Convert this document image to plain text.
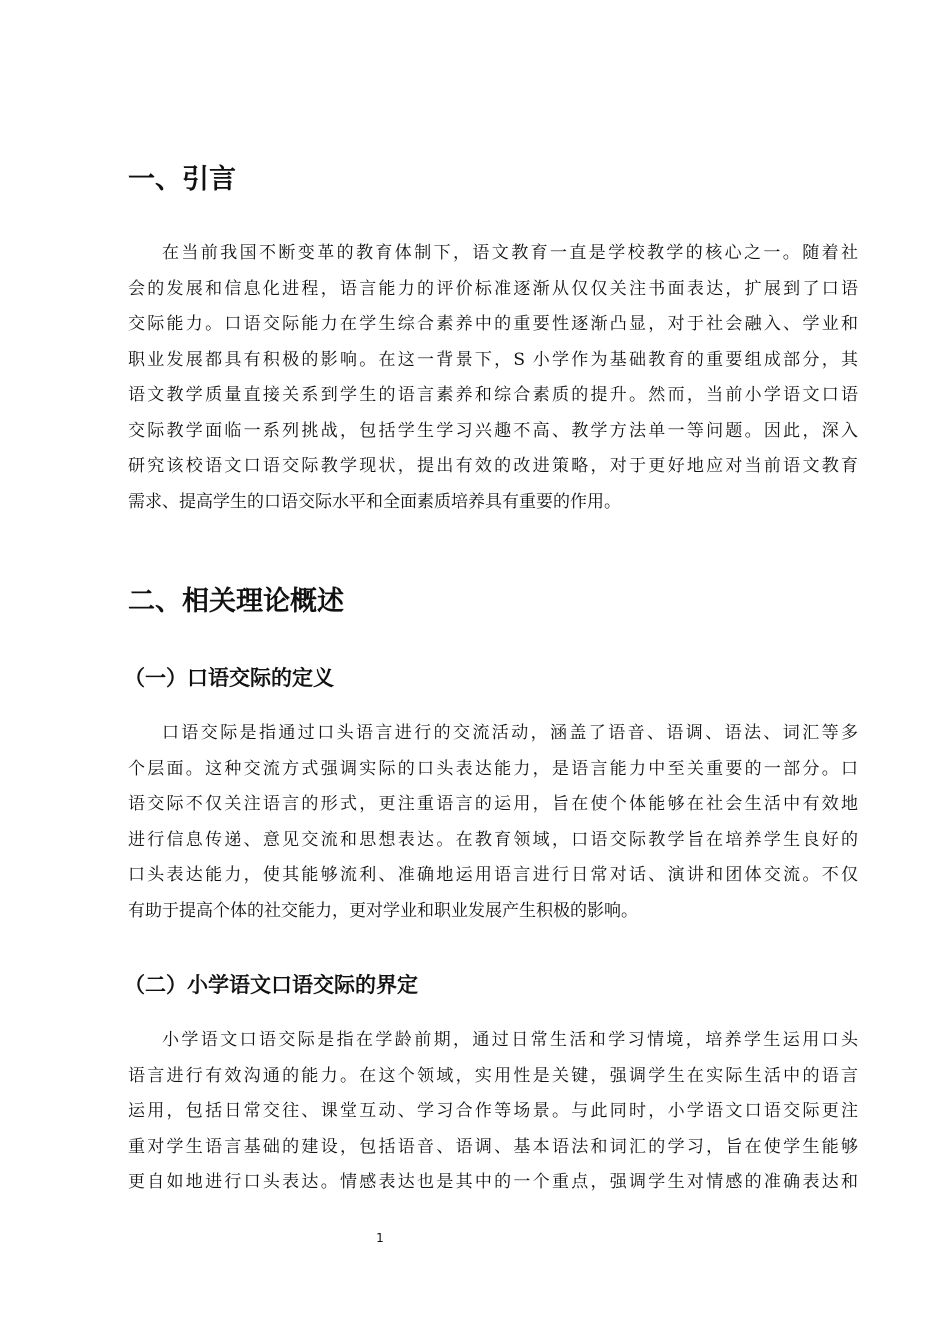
一、引言
在当前我国不断变革的教育体制下，语文教育一直是学校教学的核心之一。随着社
会的发展和信息化进程，语言能力的评价标准逐渐从仅仅关注书面表达，扩展到了口语
交际能力。口语交际能力在学生综合素养中的重要性逐渐凸显，对于社会融入、学业和
职业发展都具有积极的影响。在这一背景下，S 小学作为基础教育的重要组成部分，其
语文教学质量直接关系到学生的语言素养和综合素质的提升。然而，当前小学语文口语
交际教学面临一系列挑战，包括学生学习兴趣不高、教学方法单一等问题。因此，深入
研究该校语文口语交际教学现状，提出有效的改进策略，对于更好地应对当前语文教育
需求、提高学生的口语交际水平和全面素质培养具有重要的作用。
二、相关理论概述
（一）口语交际的定义
口语交际是指通过口头语言进行的交流活动，涵盖了语音、语调、语法、词汇等多
个层面。这种交流方式强调实际的口头表达能力，是语言能力中至关重要的一部分。口
语交际不仅关注语言的形式，更注重语言的运用，旨在使个体能够在社会生活中有效地
进行信息传递、意见交流和思想表达。在教育领域，口语交际教学旨在培养学生良好的
口头表达能力，使其能够流利、准确地运用语言进行日常对话、演讲和团体交流。不仅
有助于提高个体的社交能力，更对学业和职业发展产生积极的影响。
（二）小学语文口语交际的界定
小学语文口语交际是指在学龄前期，通过日常生活和学习情境，培养学生运用口头
语言进行有效沟通的能力。在这个领域，实用性是关键，强调学生在实际生活中的语言
运用，包括日常交往、课堂互动、学习合作等场景。与此同时，小学语文口语交际更注
重对学生语言基础的建设，包括语音、语调、基本语法和词汇的学习，旨在使学生能够
更自如地进行口头表达。情感表达也是其中的一个重点，强调学生对情感的准确表达和
1
